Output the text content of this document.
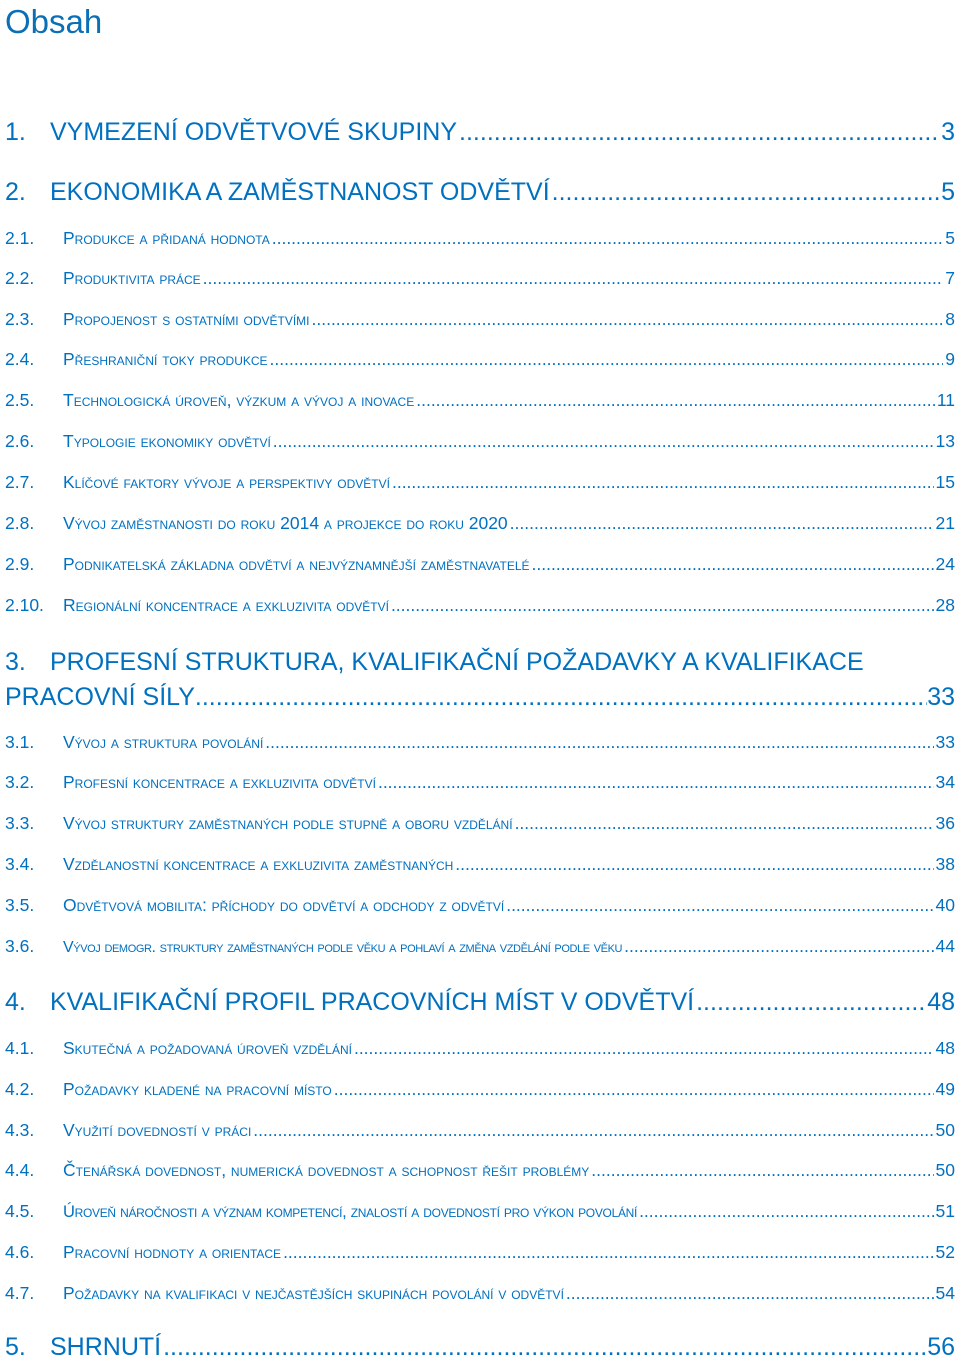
Obsah
1. VYMEZENÍ ODVĚTVOVÉ SKUPINY .....	3
2. EKONOMIKA A ZAMĚSTNANOST ODVĚTVÍ .....	5
2.1.	Produkce a přidaná hodnota .....	5
2.2.	Produktivita práce .....	7
2.3.	Propojenost s ostatními odvětvími .....	8
2.4.	Přeshraniční toky produkce .....	9
2.5.	Technologická úroveň, výzkum a vývoj a inovace .....	11
2.6.	Typologie ekonomiky odvětví .....	13
2.7.	Klíčové faktory vývoje a perspektivy odvětví .....	15
2.8.	Vývoj zaměstnanosti do roku 2014 a projekce do roku 2020 .....	21
2.9.	Podnikatelská základna odvětví a nejvýznamnější zaměstnavatelé .....	24
2.10.	Regionální koncentrace a exkluzivita odvětví .....	28
3. PROFESNÍ STRUKTURA, KVALIFIKAČNÍ POŽADAVKY A KVALIFIKACE
PRACOVNÍ SÍLY .....	33
3.1.	Vývoj a struktura povolání .....	33
3.2.	Profesní koncentrace a exkluzivita odvětví .....	34
3.3.	Vývoj struktury zaměstnaných podle stupně a oboru vzdělání .....	36
3.4.	Vzdělanostní koncentrace a exkluzivita zaměstnaných .....	38
3.5.	Odvětvová mobilita: příchody do odvětví a odchody z odvětví .....	40
3.6.	Vývoj demogr. struktury zaměstnaných podle věku a pohlaví a změna vzdělání podle věku .....	44
4. KVALIFIKAČNÍ PROFIL PRACOVNÍCH MÍST V ODVĚTVÍ .....	48
4.1.	Skutečná a požadovaná úroveň vzdělání .....	48
4.2.	Požadavky kladené na pracovní místo .....	49
4.3.	Využití dovedností v práci .....	50
4.4.	Čtenářská dovednost, numerická dovednost a schopnost řešit problémy .....	50
4.5.	Úroveň náročnosti a význam kompetencí, znalostí a dovedností pro výkon povolání .....	51
4.6.	Pracovní hodnoty a orientace .....	52
4.7.	Požadavky na kvalifikaci v nejčastějších skupinách povolání v odvětví .....	54
5. SHRNUTÍ .....	56
